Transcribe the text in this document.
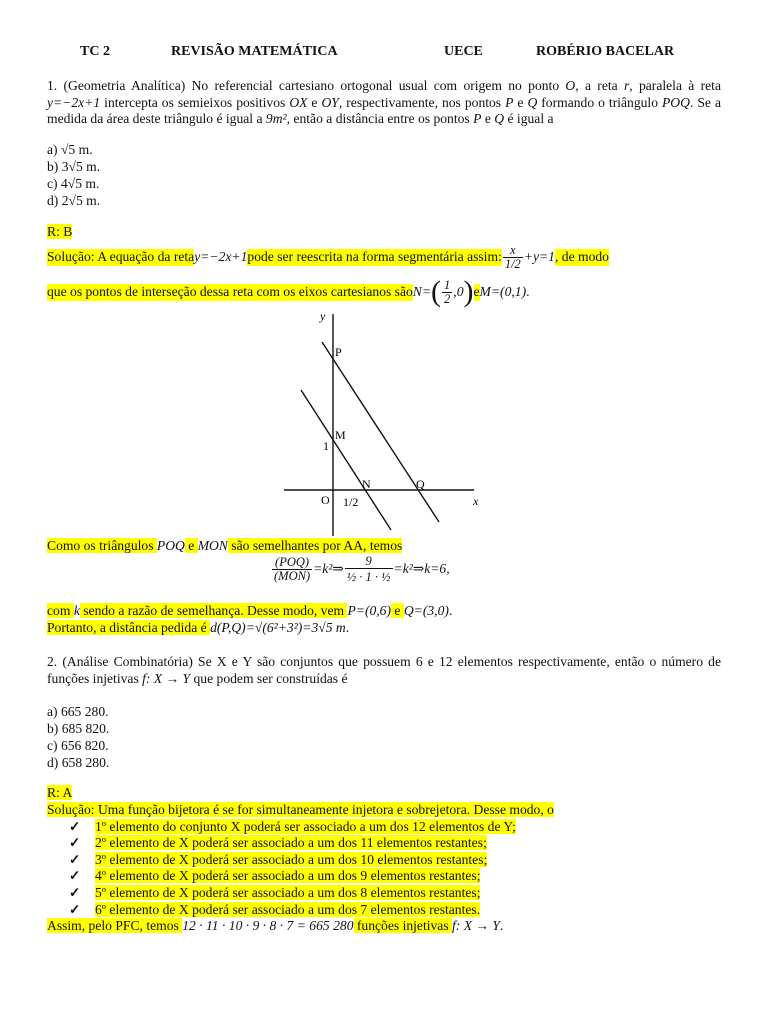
TC 2	REVISÃO MATEMÁTICA	UECE	ROBÉRIO BACELAR

1. (Geometria Analítica) No referencial cartesiano ortogonal usual com origem no ponto O, a reta r, paralela à reta y=−2x+1 intercepta os semieixos positivos OX e OY, respectivamente, nos pontos P e Q formando o triângulo POQ. Se a medida da área deste triângulo é igual a 9m², então a distância entre os pontos P e Q é igual a

a) √5 m.
b) 3√5 m.
c) 4√5 m.
d) 2√5 m.

R: B

Solução: A equação da reta y=−2x+1 pode ser reescrita na forma segmentária assim: $\frac{x}{1/2} +y=1$ , de modo
que os pontos de interseção dessa reta com os eixos cartesianos são N= ( $\frac{1}{2} ,0$ ) e M=(0,1) .
y
x
P
M
1
N	Q
O 1/2

Como os triângulos POQ e MON são semelhantes por AA, temos

$\frac{\text{(POQ)}}{\text{(MON)}}$ =k²⇒ $\frac{9}{\text{½ · 1 · ½}}$ =k²⇒k=6,

com k sendo a razão de semelhança. Desse modo, vem P=(0,6) e Q=(3,0).

Portanto, a distância pedida é d(P,Q)=√(6²+3²)=3√5 m.

2. (Análise Combinatória) Se X e Y são conjuntos que possuem 6 e 12 elementos respectivamente, então o número de funções injetivas f: X → Y que podem ser construídas é

a) 665 280.
b) 685 820.
c) 656 820.
d) 658 280.

R: A

Solução: Uma função bijetora é se for simultaneamente injetora e sobrejetora. Desse modo, o

✓ 1º elemento do conjunto X poderá ser associado a um dos 12 elementos de Y;
✓ 2º elemento de X poderá ser associado a um dos 11 elementos restantes;
✓ 3º elemento de X poderá ser associado a um dos 10 elementos restantes;
✓ 4º elemento de X poderá ser associado a um dos 9 elementos restantes;
✓ 5º elemento de X poderá ser associado a um dos 8 elementos restantes;
✓ 6º elemento de X poderá ser associado a um dos 7 elementos restantes.

Assim, pelo PFC, temos 12 · 11 · 10 · 9 · 8 · 7 = 665 280 funções injetivas f: X → Y.
